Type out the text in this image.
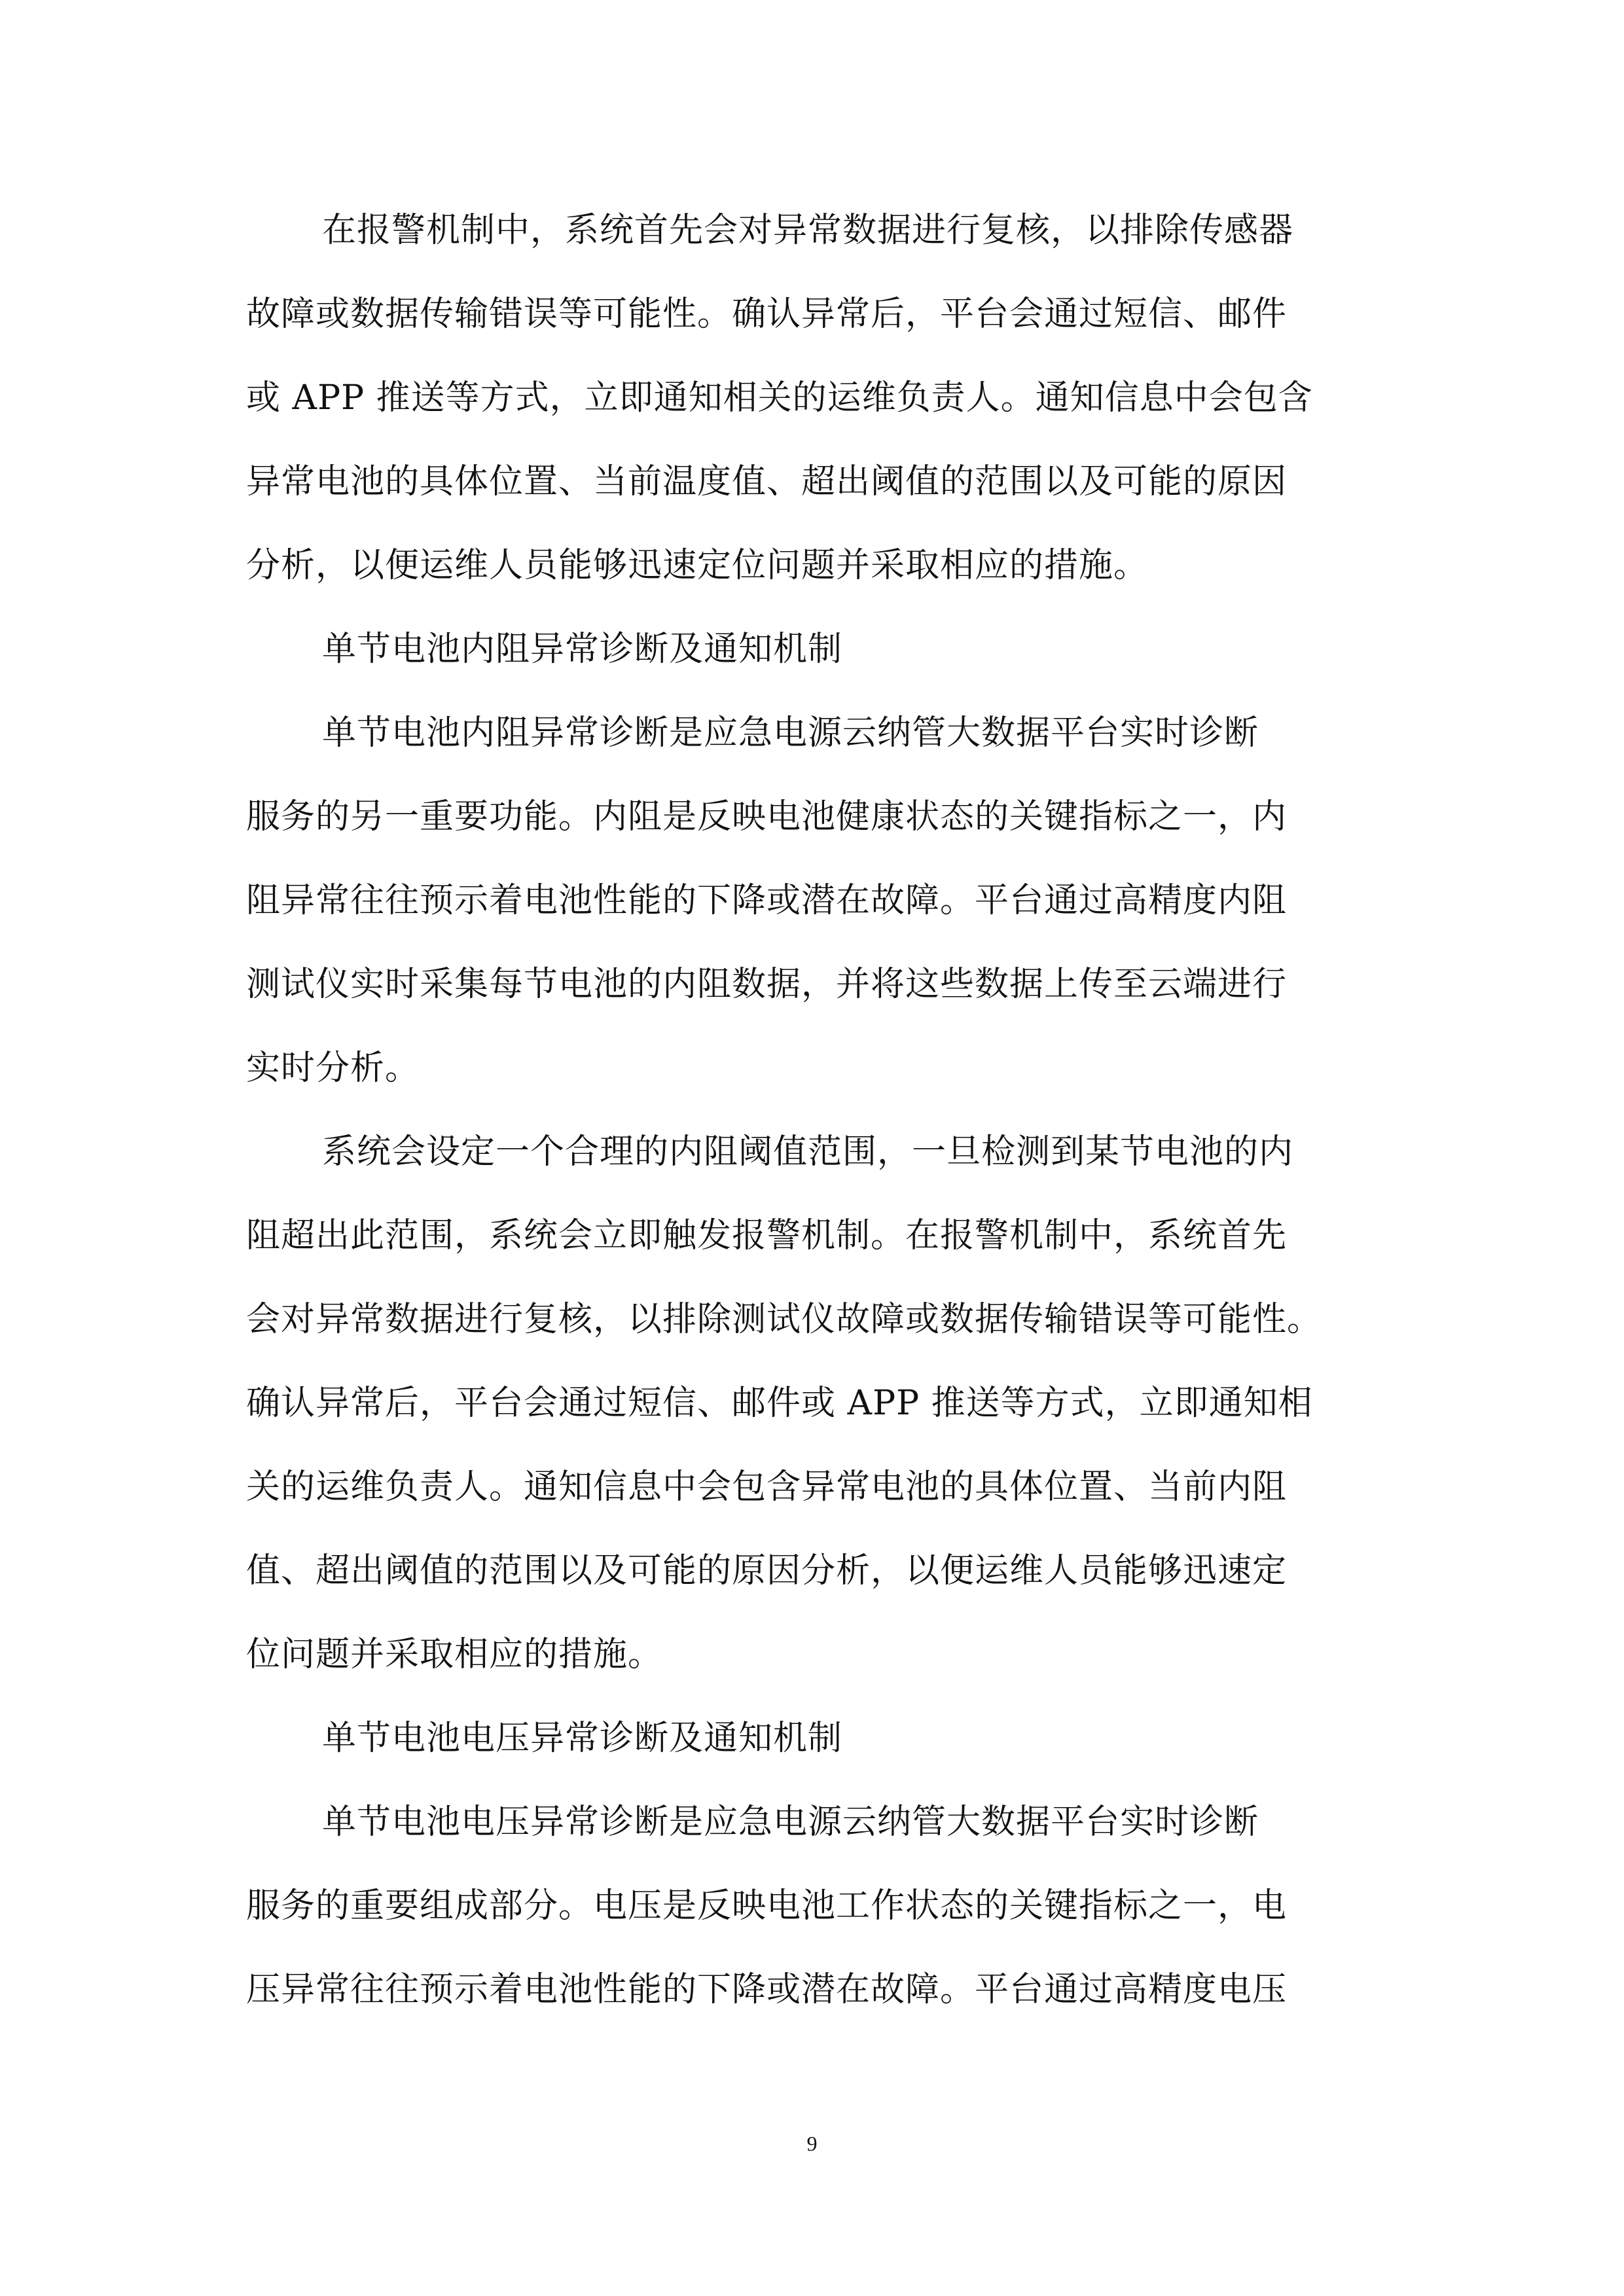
在报警机制中，系统首先会对异常数据进行复核，以排除传感器
故障或数据传输错误等可能性。确认异常后，平台会通过短信、邮件
或 APP 推送等方式，立即通知相关的运维负责人。通知信息中会包含
异常电池的具体位置、当前温度值、超出阈值的范围以及可能的原因
分析，以便运维人员能够迅速定位问题并采取相应的措施。
单节电池内阻异常诊断及通知机制
单节电池内阻异常诊断是应急电源云纳管大数据平台实时诊断
服务的另一重要功能。内阻是反映电池健康状态的关键指标之一，内
阻异常往往预示着电池性能的下降或潜在故障。平台通过高精度内阻
测试仪实时采集每节电池的内阻数据，并将这些数据上传至云端进行
实时分析。
系统会设定一个合理的内阻阈值范围，一旦检测到某节电池的内
阻超出此范围，系统会立即触发报警机制。在报警机制中，系统首先
会对异常数据进行复核，以排除测试仪故障或数据传输错误等可能性。
确认异常后，平台会通过短信、邮件或 APP 推送等方式，立即通知相
关的运维负责人。通知信息中会包含异常电池的具体位置、当前内阻
值、超出阈值的范围以及可能的原因分析，以便运维人员能够迅速定
位问题并采取相应的措施。
单节电池电压异常诊断及通知机制
单节电池电压异常诊断是应急电源云纳管大数据平台实时诊断
服务的重要组成部分。电压是反映电池工作状态的关键指标之一，电
压异常往往预示着电池性能的下降或潜在故障。平台通过高精度电压
9
